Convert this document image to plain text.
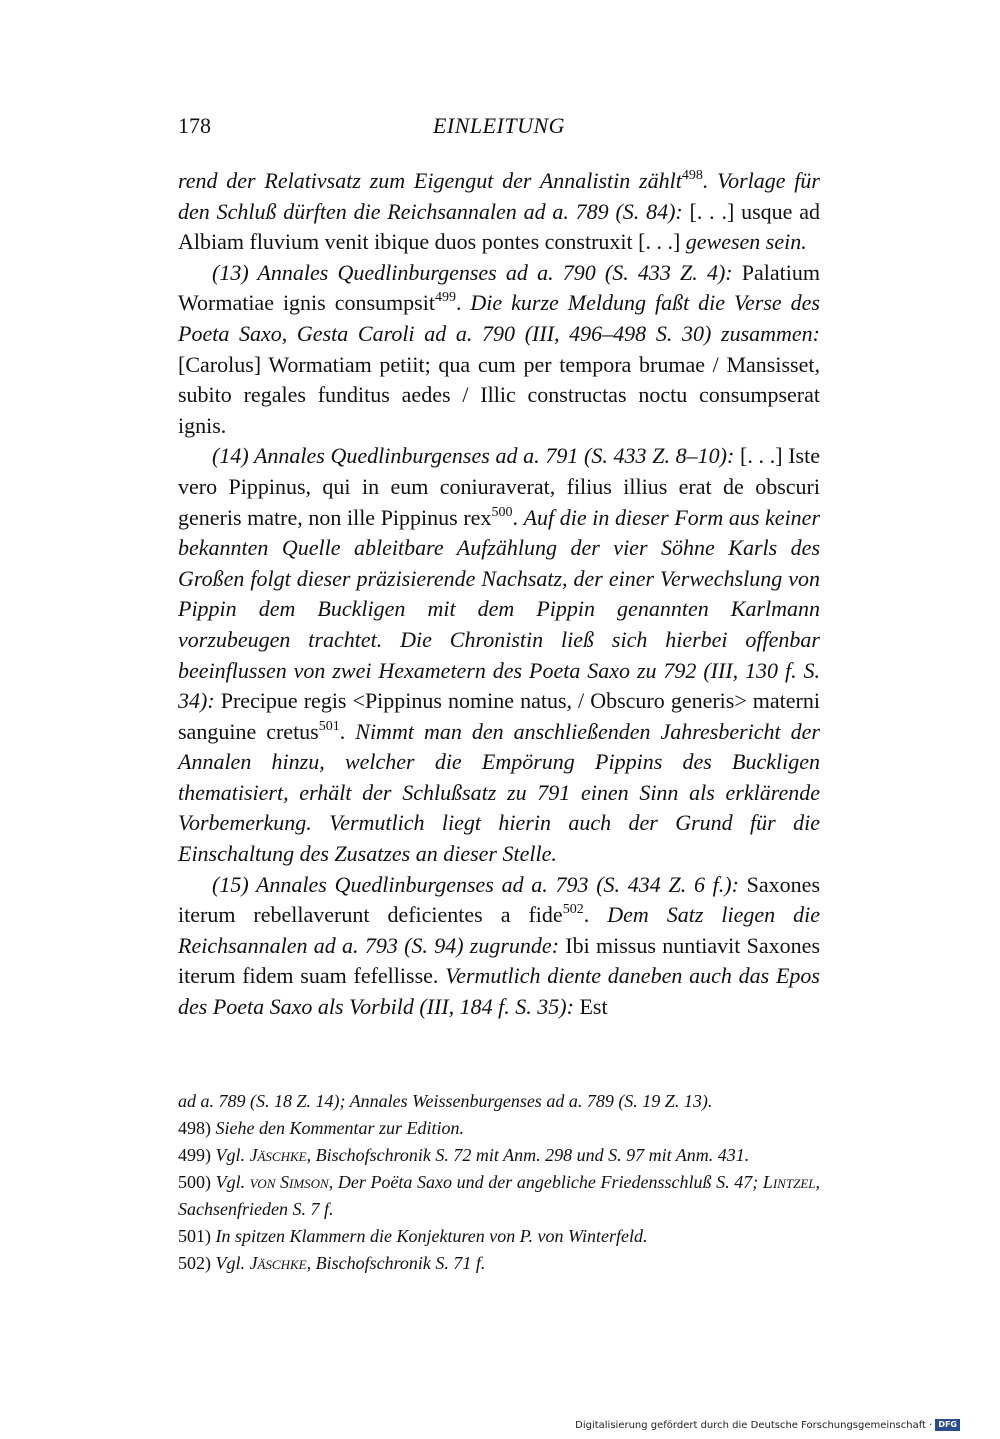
178	EINLEITUNG

rend der Relativsatz zum Eigengut der Annalistin zählt$^{498}$. Vorlage für den Schluß dürften die Reichsannalen ad a. 789 (S. 84): [. . .] usque ad Albiam fluvium venit ibique duos pontes construxit [. . .] gewesen sein.

(13) Annales Quedlinburgenses ad a. 790 (S. 433 Z. 4): Palatium Wormatiae ignis consumpsit$^{499}$. Die kurze Meldung faßt die Verse des Poeta Saxo, Gesta Caroli ad a. 790 (III, 496–498 S. 30) zusammen: [Carolus] Wormatiam petiit; qua cum per tempora brumae / Mansisset, subito regales funditus aedes / Illic constructas noctu consumpserat ignis.

(14) Annales Quedlinburgenses ad a. 791 (S. 433 Z. 8–10): [. . .] Iste vero Pippinus, qui in eum coniuraverat, filius illius erat de obscuri generis matre, non ille Pippinus rex$^{500}$. Auf die in dieser Form aus keiner bekannten Quelle ableitbare Aufzählung der vier Söhne Karls des Großen folgt dieser präzisierende Nachsatz, der einer Verwechslung von Pippin dem Buckligen mit dem Pippin genannten Karlmann vorzubeugen trachtet. Die Chronistin ließ sich hierbei offenbar beeinflussen von zwei Hexametern des Poeta Saxo zu 792 (III, 130 f. S. 34): Precipue regis <Pippinus nomine natus, / Obscuro generis> materni sanguine cretus$^{501}$. Nimmt man den anschließenden Jahresbericht der Annalen hinzu, welcher die Empörung Pippins des Buckligen thematisiert, erhält der Schlußsatz zu 791 einen Sinn als erklärende Vorbemerkung. Vermutlich liegt hierin auch der Grund für die Einschaltung des Zusatzes an dieser Stelle.

(15) Annales Quedlinburgenses ad a. 793 (S. 434 Z. 6 f.): Saxones iterum rebellaverunt deficientes a fide$^{502}$. Dem Satz liegen die Reichsannalen ad a. 793 (S. 94) zugrunde: Ibi missus nuntiavit Saxones iterum fidem suam fefellisse. Vermutlich diente daneben auch das Epos des Poeta Saxo als Vorbild (III, 184 f. S. 35): Est

ad a. 789 (S. 18 Z. 14); Annales Weissenburgenses ad a. 789 (S. 19 Z. 13).

498) Siehe den Kommentar zur Edition.

499) Vgl. Jäschke, Bischofschronik S. 72 mit Anm. 298 und S. 97 mit Anm. 431.

500) Vgl. von Simson, Der Poëta Saxo und der angebliche Friedensschluß S. 47; Lintzel, Sachsenfrieden S. 7 f.

501) In spitzen Klammern die Konjekturen von P. von Winterfeld.

502) Vgl. Jäschke, Bischofschronik S. 71 f.

Digitalisierung gefördert durch die Deutsche Forschungsgemeinschaft · DFG
